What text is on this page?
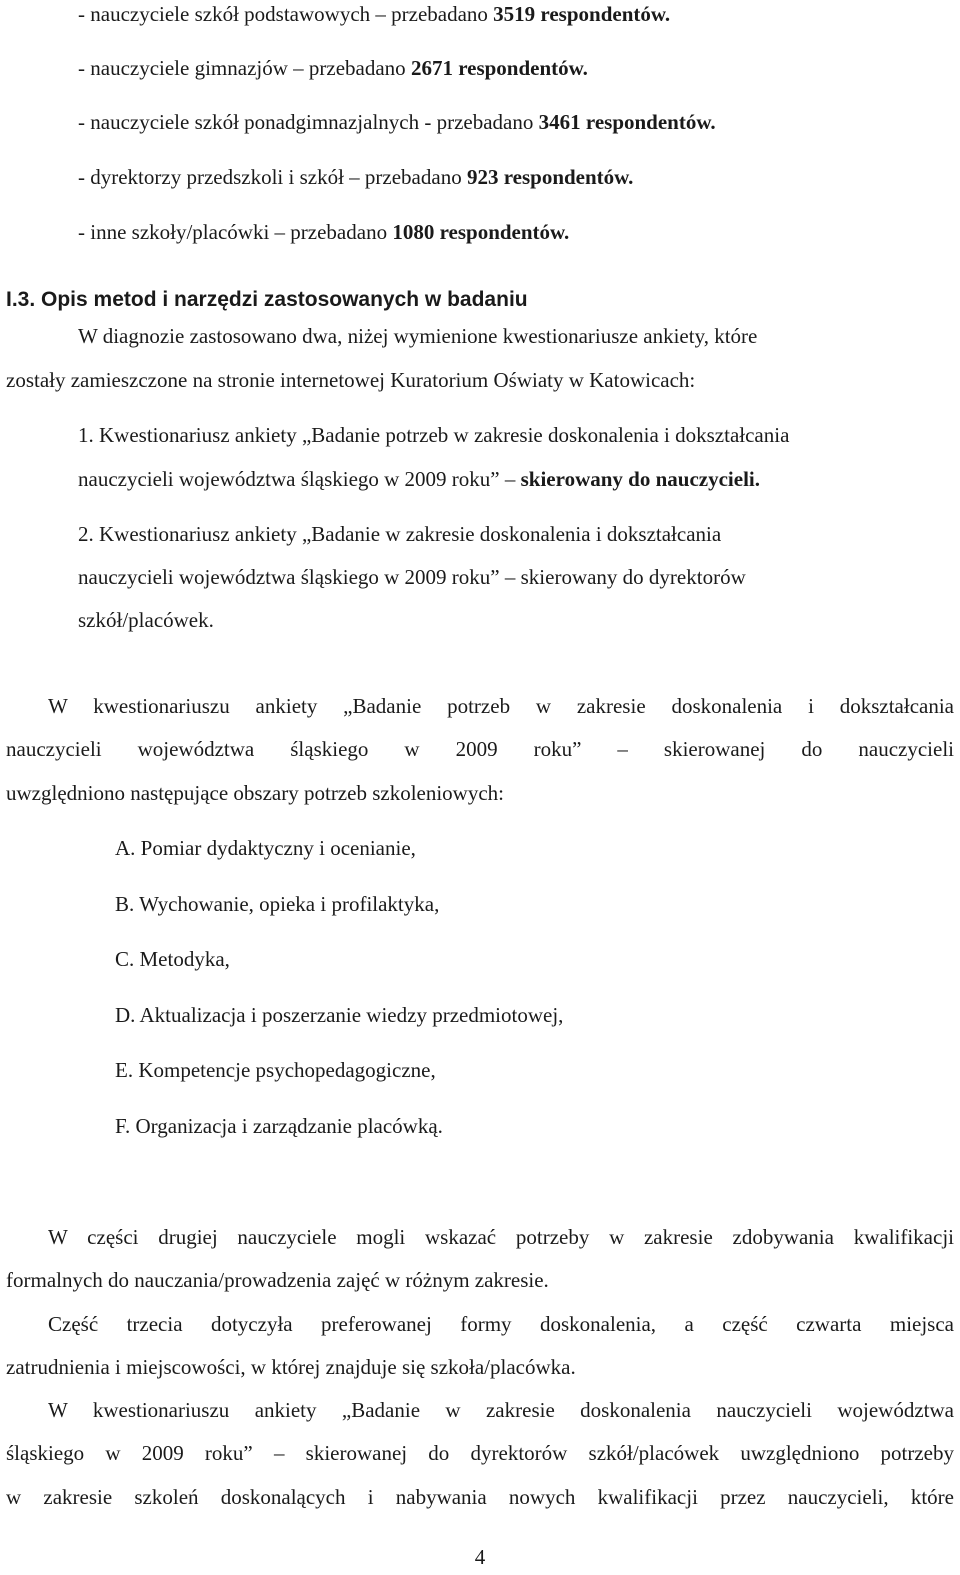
- nauczyciele szkół podstawowych – przebadano 3519 respondentów.
- nauczyciele gimnazjów – przebadano 2671 respondentów.
- nauczyciele szkół ponadgimnazjalnych - przebadano 3461 respondentów.
- dyrektorzy przedszkoli i szkół – przebadano 923 respondentów.
- inne szkoły/placówki – przebadano 1080 respondentów.
I.3. Opis metod i narzędzi zastosowanych w badaniu
W diagnozie zastosowano dwa, niżej wymienione kwestionariusze ankiety, które
zostały zamieszczone na stronie internetowej Kuratorium Oświaty w Katowicach:
1. Kwestionariusz ankiety „Badanie potrzeb w zakresie doskonalenia i dokształcania
nauczycieli województwa śląskiego w 2009 roku” – skierowany do nauczycieli.
2. Kwestionariusz ankiety „Badanie w zakresie doskonalenia i dokształcania
nauczycieli województwa śląskiego w 2009 roku” – skierowany do dyrektorów
szkół/placówek.
W kwestionariuszu ankiety „Badanie potrzeb w zakresie doskonalenia i dokształcania
nauczycieli województwa śląskiego w 2009 roku” – skierowanej do nauczycieli
uwzględniono następujące obszary potrzeb szkoleniowych:
A. Pomiar dydaktyczny i ocenianie,
B. Wychowanie, opieka i profilaktyka,
C. Metodyka,
D. Aktualizacja i poszerzanie wiedzy przedmiotowej,
E. Kompetencje psychopedagogiczne,
F. Organizacja i zarządzanie placówką.
W części drugiej nauczyciele mogli wskazać potrzeby w zakresie zdobywania kwalifikacji
formalnych do nauczania/prowadzenia zajęć w różnym zakresie.
Część trzecia dotyczyła preferowanej formy doskonalenia, a część czwarta miejsca
zatrudnienia i miejscowości, w której znajduje się szkoła/placówka.
W kwestionariuszu ankiety „Badanie w zakresie doskonalenia nauczycieli województwa
śląskiego w 2009 roku” – skierowanej do dyrektorów szkół/placówek uwzględniono potrzeby
w zakresie szkoleń doskonalących i nabywania nowych kwalifikacji przez nauczycieli, które
4
